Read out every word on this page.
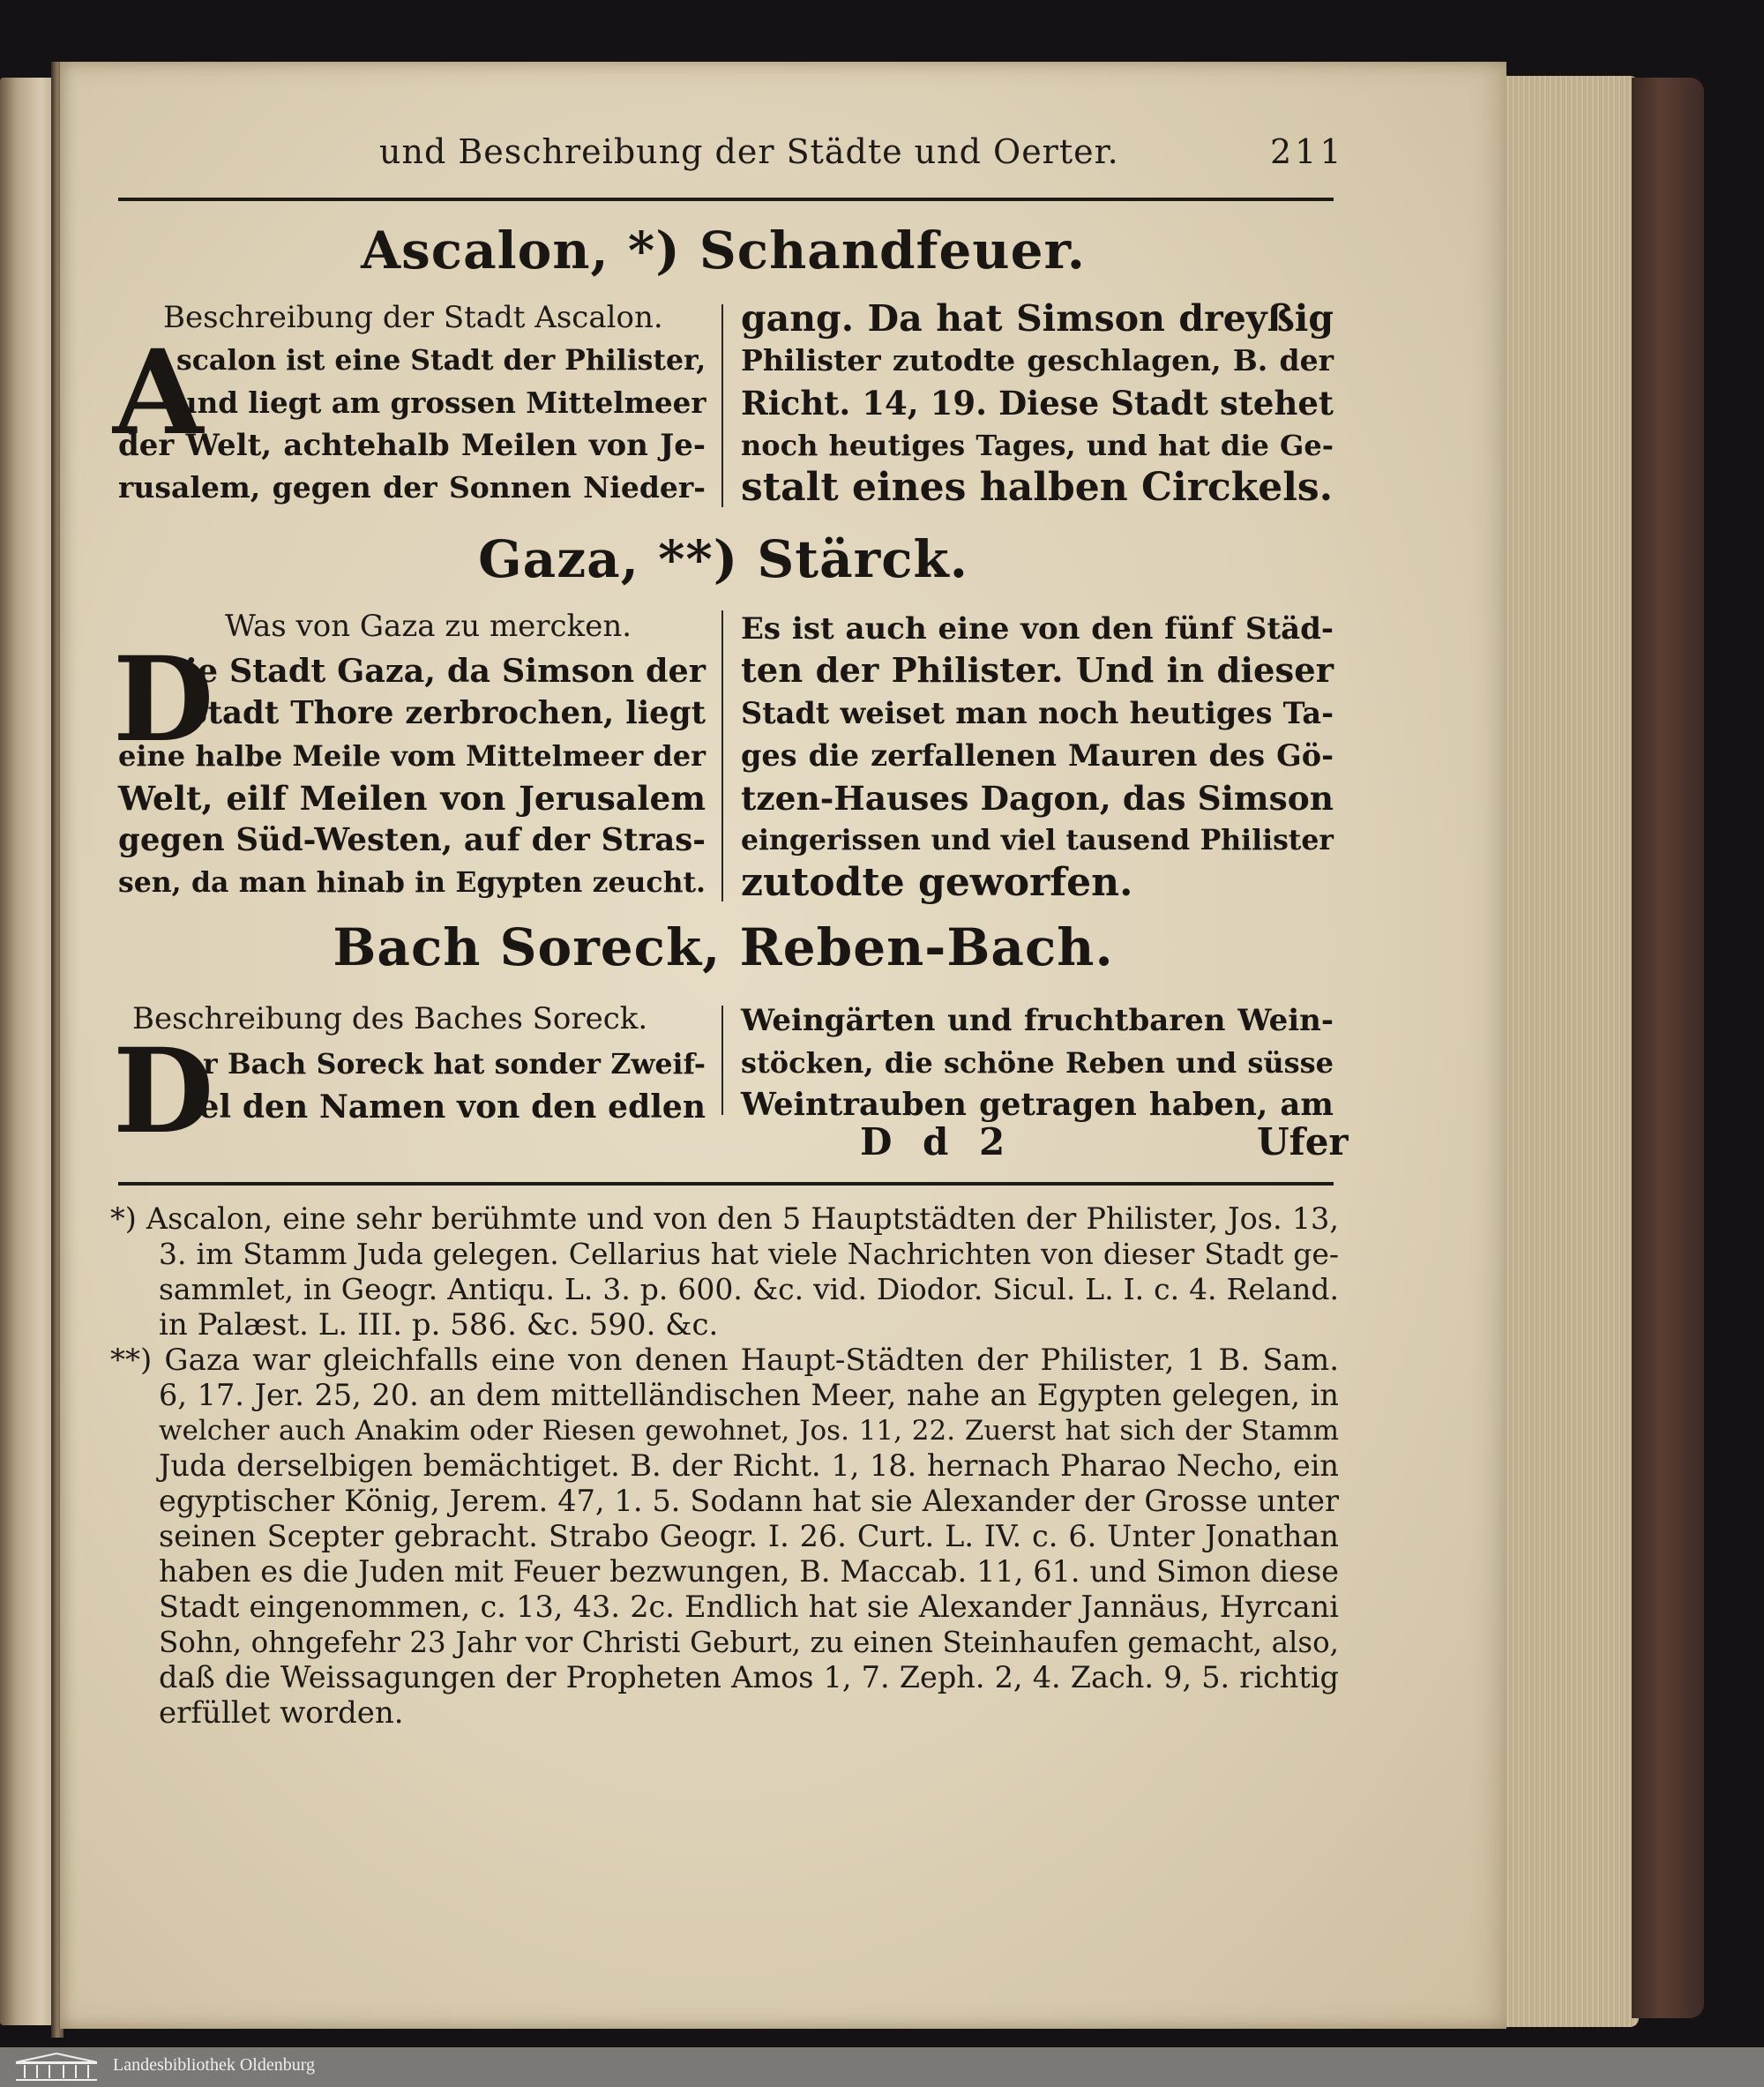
und Beschreibung der Städte und Oerter.	211
Ascalon, *) Schandfeuer.
Beschreibung der Stadt Ascalon.
A
scalon ist eine Stadt der Philister,
und liegt am grossen Mittelmeer
der Welt, achtehalb Meilen von Je-
rusalem, gegen der Sonnen Nieder-
gang. Da hat Simson dreyßig
Philister zutodte geschlagen, B. der
Richt. 14, 19. Diese Stadt stehet
noch heutiges Tages, und hat die Ge-
stalt eines halben Circkels.
Gaza, **) Stärck.
Was von Gaza zu mercken.
D
ie Stadt Gaza, da Simson der
Stadt Thore zerbrochen, liegt
eine halbe Meile vom Mittelmeer der
Welt, eilf Meilen von Jerusalem
gegen Süd-Westen, auf der Stras-
sen, da man hinab in Egypten zeucht.
Es ist auch eine von den fünf Städ-
ten der Philister. Und in dieser
Stadt weiset man noch heutiges Ta-
ges die zerfallenen Mauren des Gö-
tzen-Hauses Dagon, das Simson
eingerissen und viel tausend Philister
zutodte geworfen.
Bach Soreck, Reben-Bach.
Beschreibung des Baches Soreck.
D
er Bach Soreck hat sonder Zweif-
fel den Namen von den edlen
Weingärten und fruchtbaren Wein-
stöcken, die schöne Reben und süsse
Weintrauben getragen haben, am
D d 2	Ufer
*) Ascalon, eine sehr berühmte und von den 5 Hauptstädten der Philister, Jos. 13,
3. im Stamm Juda gelegen. Cellarius hat viele Nachrichten von dieser Stadt ge-
sammlet, in Geogr. Antiqu. L. 3. p. 600. &c. vid. Diodor. Sicul. L. I. c. 4. Reland.
in Palæst. L. III. p. 586. &c. 590. &c.
**) Gaza war gleichfalls eine von denen Haupt-Städten der Philister, 1 B. Sam.
6, 17. Jer. 25, 20. an dem mittelländischen Meer, nahe an Egypten gelegen, in
welcher auch Anakim oder Riesen gewohnet, Jos. 11, 22. Zuerst hat sich der Stamm
Juda derselbigen bemächtiget. B. der Richt. 1, 18. hernach Pharao Necho, ein
egyptischer König, Jerem. 47, 1. 5. Sodann hat sie Alexander der Grosse unter
seinen Scepter gebracht. Strabo Geogr. I. 26. Curt. L. IV. c. 6. Unter Jonathan
haben es die Juden mit Feuer bezwungen, B. Maccab. 11, 61. und Simon diese
Stadt eingenommen, c. 13, 43. 2c. Endlich hat sie Alexander Jannäus, Hyrcani
Sohn, ohngefehr 23 Jahr vor Christi Geburt, zu einen Steinhaufen gemacht, also,
daß die Weissagungen der Propheten Amos 1, 7. Zeph. 2, 4. Zach. 9, 5. richtig
erfüllet worden.
Landesbibliothek Oldenburg
